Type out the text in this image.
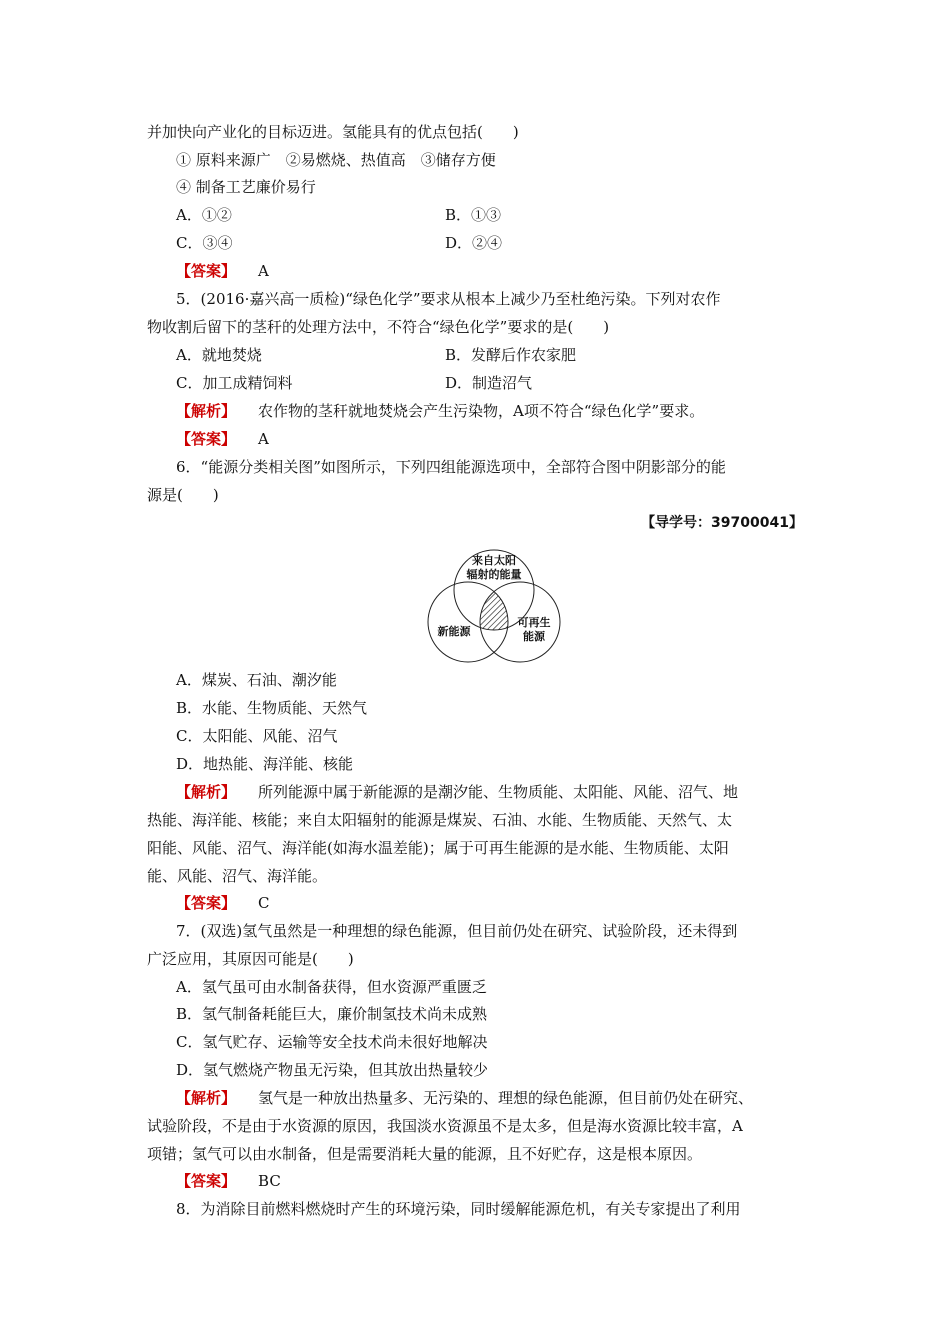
并加快向产业化的目标迈进。氢能具有的优点包括(　　)
① 原料来源广　②易燃烧、热值高　③储存方便
④ 制备工艺廉价易行
A．①②	B．①③
C．③④	D．②④
【答案】 A
5．(2016·嘉兴高一质检)“绿色化学”要求从根本上减少乃至杜绝污染。下列对农作
物收割后留下的茎秆的处理方法中，不符合“绿色化学”要求的是(　　)
A．就地焚烧	B．发酵后作农家肥
C．加工成精饲料	D．制造沼气
【解析】 农作物的茎秆就地焚烧会产生污染物，A项不符合“绿色化学”要求。
【答案】 A
6．“能源分类相关图”如图所示，下列四组能源选项中，全部符合图中阴影部分的能
源是(　　)
【导学号：39700041】
来自太阳
辐射的能量
新能源
可再生
能源
A．煤炭、石油、潮汐能
B．水能、生物质能、天然气
C．太阳能、风能、沼气
D．地热能、海洋能、核能
【解析】 所列能源中属于新能源的是潮汐能、生物质能、太阳能、风能、沼气、地
热能、海洋能、核能；来自太阳辐射的能源是煤炭、石油、水能、生物质能、天然气、太
阳能、风能、沼气、海洋能(如海水温差能)；属于可再生能源的是水能、生物质能、太阳
能、风能、沼气、海洋能。
【答案】 C
7．(双选)氢气虽然是一种理想的绿色能源，但目前仍处在研究、试验阶段，还未得到
广泛应用，其原因可能是(　　)
A．氢气虽可由水制备获得，但水资源严重匮乏
B．氢气制备耗能巨大，廉价制氢技术尚未成熟
C．氢气贮存、运输等安全技术尚未很好地解决
D．氢气燃烧产物虽无污染，但其放出热量较少
【解析】 氢气是一种放出热量多、无污染的、理想的绿色能源，但目前仍处在研究、
试验阶段，不是由于水资源的原因，我国淡水资源虽不是太多，但是海水资源比较丰富，A
项错；氢气可以由水制备，但是需要消耗大量的能源，且不好贮存，这是根本原因。
【答案】 BC
8．为消除目前燃料燃烧时产生的环境污染，同时缓解能源危机，有关专家提出了利用
